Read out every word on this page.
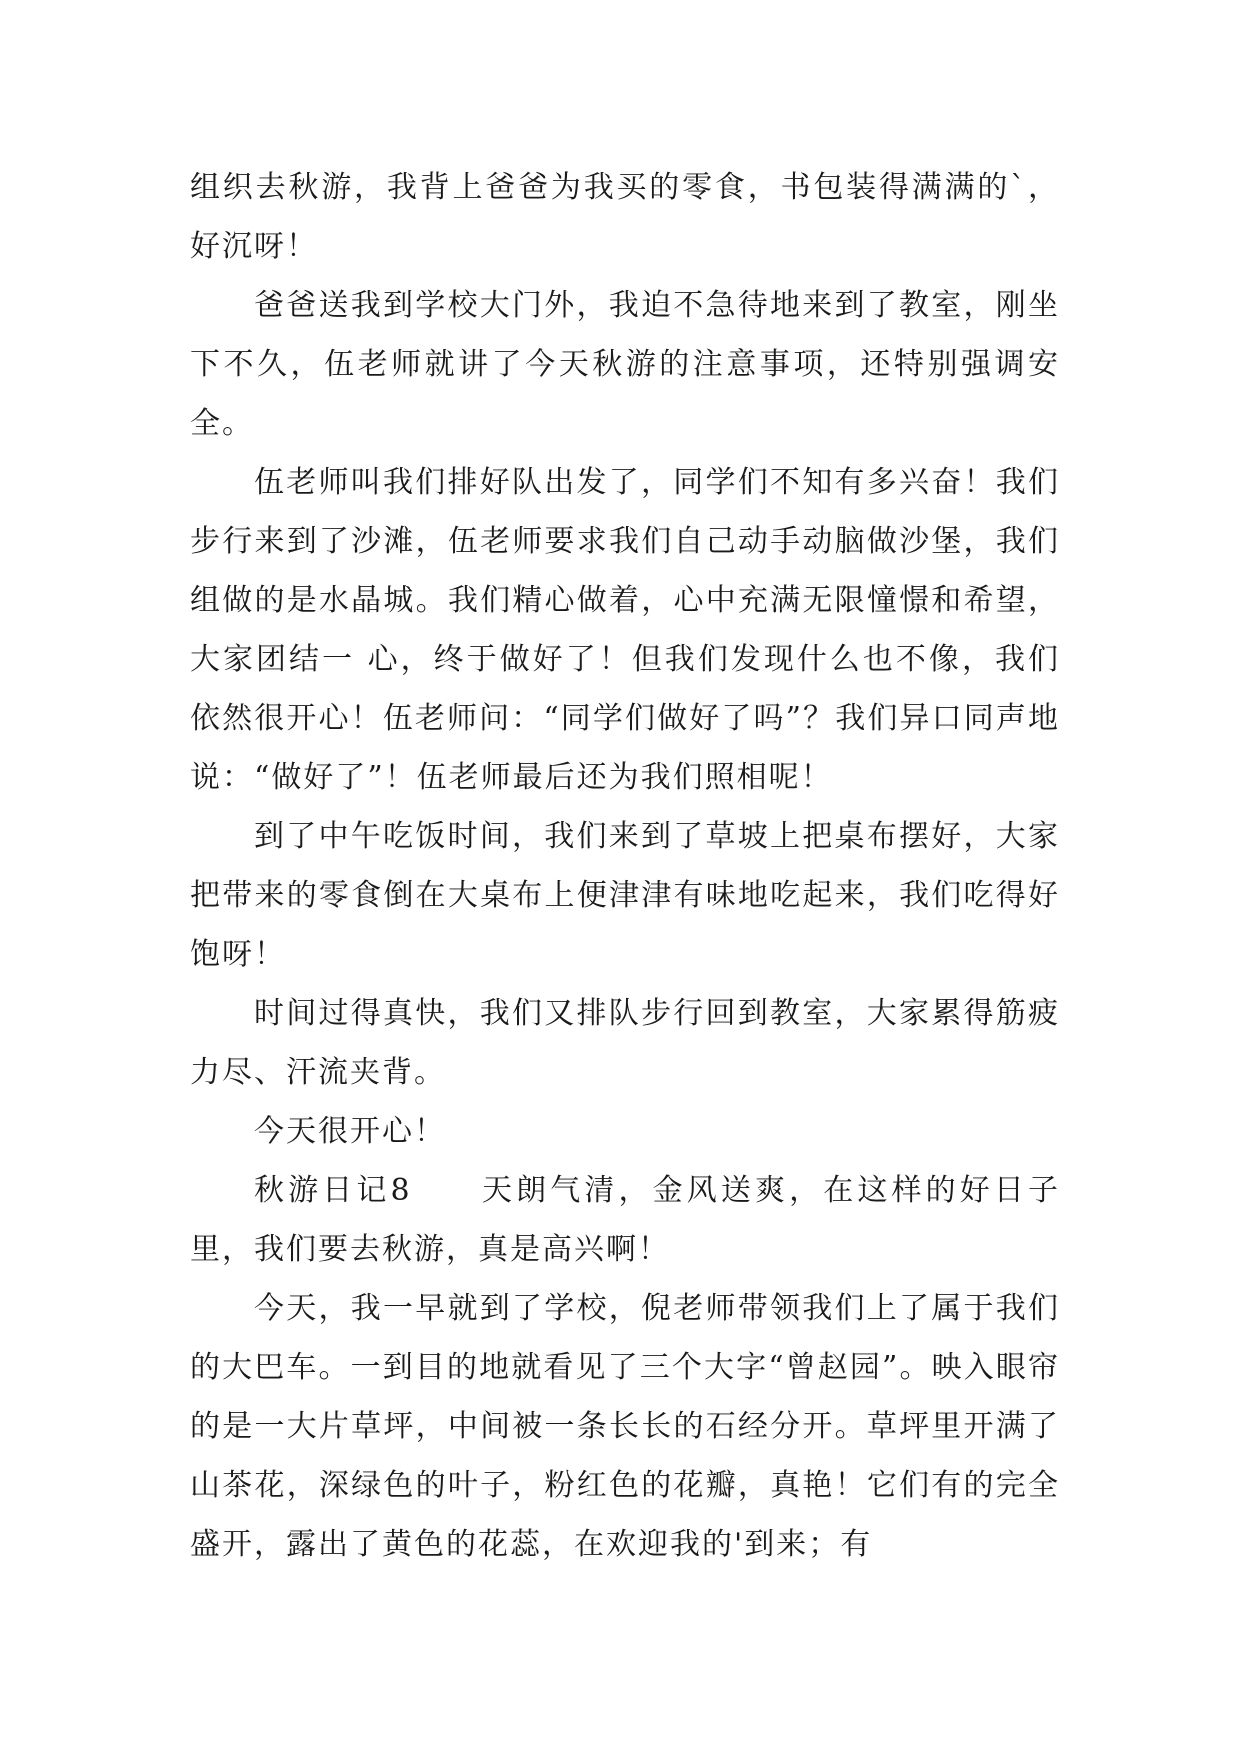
组织去秋游，我背上爸爸为我买的零食，书包装得满满的`，好沉呀！

爸爸送我到学校大门外，我迫不急待地来到了教室，刚坐下不久，伍老师就讲了今天秋游的注意事项，还特别强调安全。

伍老师叫我们排好队出发了，同学们不知有多兴奋！我们步行来到了沙滩，伍老师要求我们自己动手动脑做沙堡，我们组做的是水晶城。我们精心做着，心中充满无限憧憬和希望，大家团结一 心，终于做好了！但我们发现什么也不像，我们依然很开心！伍老师问：“同学们做好了吗”？我们异口同声地说：“做好了”！伍老师最后还为我们照相呢！

到了中午吃饭时间，我们来到了草坡上把桌布摆好，大家把带来的零食倒在大桌布上便津津有味地吃起来，我们吃得好饱呀！

时间过得真快，我们又排队步行回到教室，大家累得筋疲力尽、汗流夹背。

今天很开心！

秋游日记8　　天朗气清，金风送爽，在这样的好日子里，我们要去秋游，真是高兴啊！

今天，我一早就到了学校，倪老师带领我们上了属于我们的大巴车。一到目的地就看见了三个大字“曾赵园”。映入眼帘的是一大片草坪，中间被一条长长的石经分开。草坪里开满了山茶花，深绿色的叶子，粉红色的花瓣，真艳！它们有的完全盛开，露出了黄色的花蕊，在欢迎我的'到来；有
